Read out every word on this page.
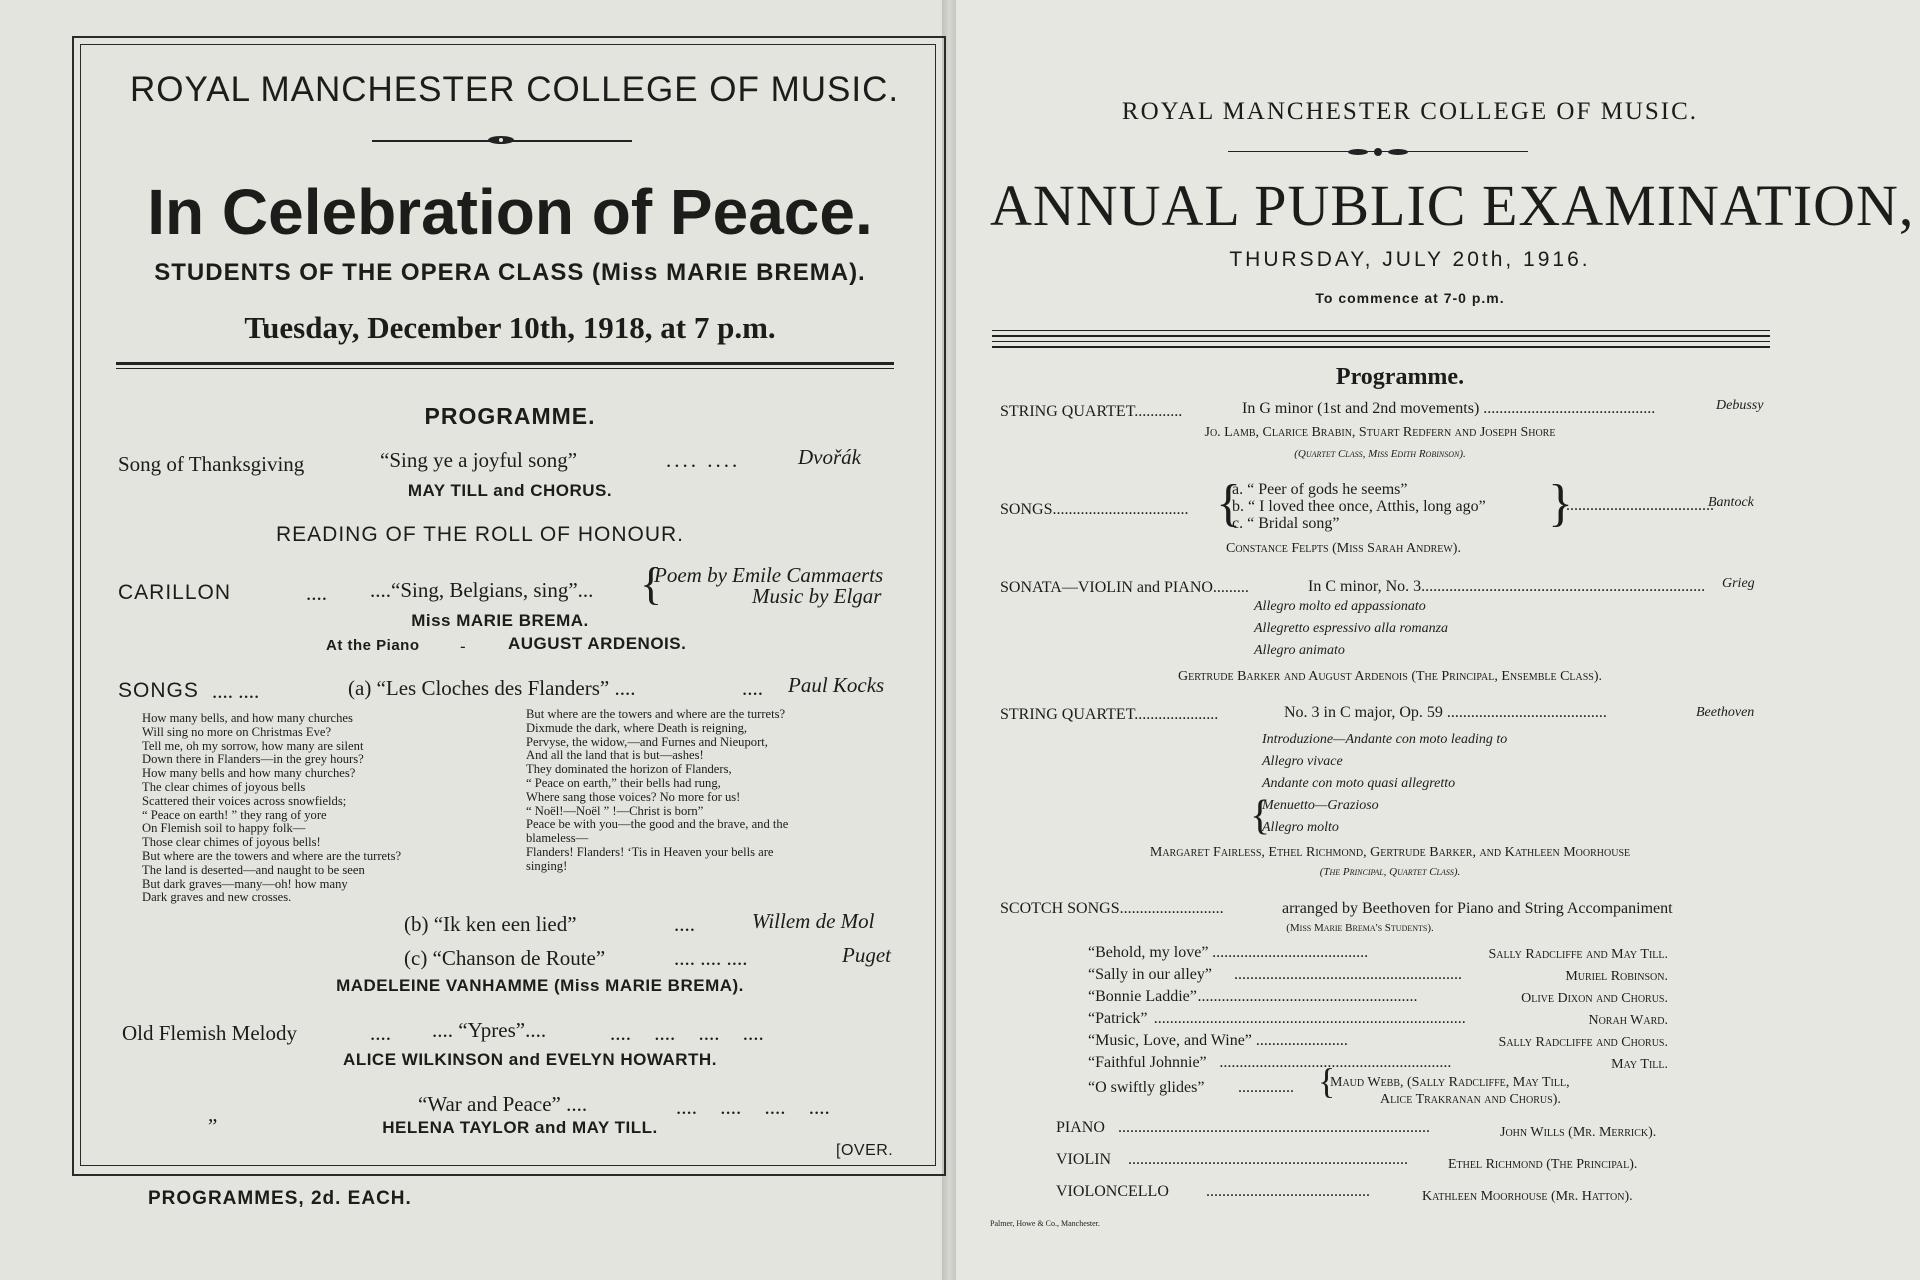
ROYAL MANCHESTER COLLEGE OF MUSIC.
In Celebration of Peace.
STUDENTS OF THE OPERA CLASS (Miss MARIE BREMA).
Tuesday, December 10th, 1918, at 7 p.m.
PROGRAMME.
Song of Thanksgiving	“Sing ye a joyful song”	.... ....	Dvořák
MAY TILL and CHORUS.
READING OF THE ROLL OF HONOUR.
CARILLON	.... ....“Sing, Belgians, sing”... {
Poem by Emile Cammaerts
Music by Elgar
Miss MARIE BREMA.
At the Piano - AUGUST ARDENOIS.
SONGS .... ....	(a) “Les Cloches des Flanders” ....	.... Paul Kocks
How many bells, and how many churches
Will sing no more on Christmas Eve?
Tell me, oh my sorrow, how many are silent
Down there in Flanders—in the grey hours?
How many bells and how many churches?
The clear chimes of joyous bells
Scattered their voices across snowfields;
“ Peace on earth! ” they rang of yore
On Flemish soil to happy folk—
Those clear chimes of joyous bells!
But where are the towers and where are the turrets?
The land is deserted—and naught to be seen
But dark graves—many—oh! how many
Dark graves and new crosses.
But where are the towers and where are the turrets?
Dixmude the dark, where Death is reigning,
Pervyse, the widow,—and Furnes and Nieuport,
And all the land that is but—ashes!
They dominated the horizon of Flanders,
“ Peace on earth,” their bells had rung,
Where sang those voices? No more for us!
“ Noël!—Noël ” !—Christ is born”
Peace be with you—the good and the brave, and the
blameless—
Flanders! Flanders! ‘Tis in Heaven your bells are
singing!
(b) “Ik ken een lied”	....	Willem de Mol
(c) “Chanson de Route”	.... .... ....	Puget
MADELEINE VANHAMME (Miss MARIE BREMA).
Old Flemish Melody	.... .... “Ypres”....	.... .... .... ....
ALICE WILKINSON and EVELYN HOWARTH.
„	“War and Peace” ....	.... .... .... ....
HELENA TAYLOR and MAY TILL.
[OVER.
PROGRAMMES, 2d. EACH.
ROYAL MANCHESTER COLLEGE OF MUSIC.
ANNUAL PUBLIC EXAMINATION,
THURSDAY, JULY 20th, 1916.
To commence at 7-0 p.m.
Programme.
STRING QUARTET............	In G minor (1st and 2nd movements) ...........................................	Debussy
Jo. Lamb, Clarice Brabin, Stuart Redfern and Joseph Shore
(Quartet Class, Miss Edith Robinson).
SONGS.................................. {
a. “ Peer of gods he seems”
b. “ I loved thee once, Atthis, long ago”
c. “ Bridal song”	}
.....................................
Bantock
Constance Felpts (Miss Sarah Andrew).
SONATA—VIOLIN and PIANO.........	In C minor, No. 3....................................................................... Grieg
Allegro molto ed appassionato
Allegretto espressivo alla romanza
Allegro animato
Gertrude Barker and August Ardenois (The Principal, Ensemble Class).
STRING QUARTET.....................	No. 3 in C major, Op. 59 ........................................	Beethoven
Introduzione—Andante con moto leading to
Allegro vivace
Andante con moto quasi allegretto
{
Menuetto—Grazioso
Allegro molto
Margaret Fairless, Ethel Richmond, Gertrude Barker, and Kathleen Moorhouse
(The Principal, Quartet Class).
SCOTCH SONGS..........................	arranged by Beethoven for Piano and String Accompaniment
(Miss Marie Brema's Students).
“Behold, my love” .......................................	Sally Radcliffe and May Till.
“Sally in our alley” .........................................................	Muriel Robinson.
“Bonnie Laddie” .......................................................	Olive Dixon and Chorus.
“Patrick” ..............................................................................	Norah Ward.
“Music, Love, and Wine” .......................	Sally Radcliffe and Chorus.
“Faithful Johnnie” ..........................................................	May Till.
“O swiftly glides” .............. {
Maud Webb, (Sally Radcliffe, May Till,
Alice Trakranan and Chorus).
PIANO ..............................................................................	John Wills (Mr. Merrick).
VIOLIN ......................................................................	Ethel Richmond (The Principal).
VIOLONCELLO .........................................	Kathleen Moorhouse (Mr. Hatton).
Palmer, Howe & Co., Manchester.
